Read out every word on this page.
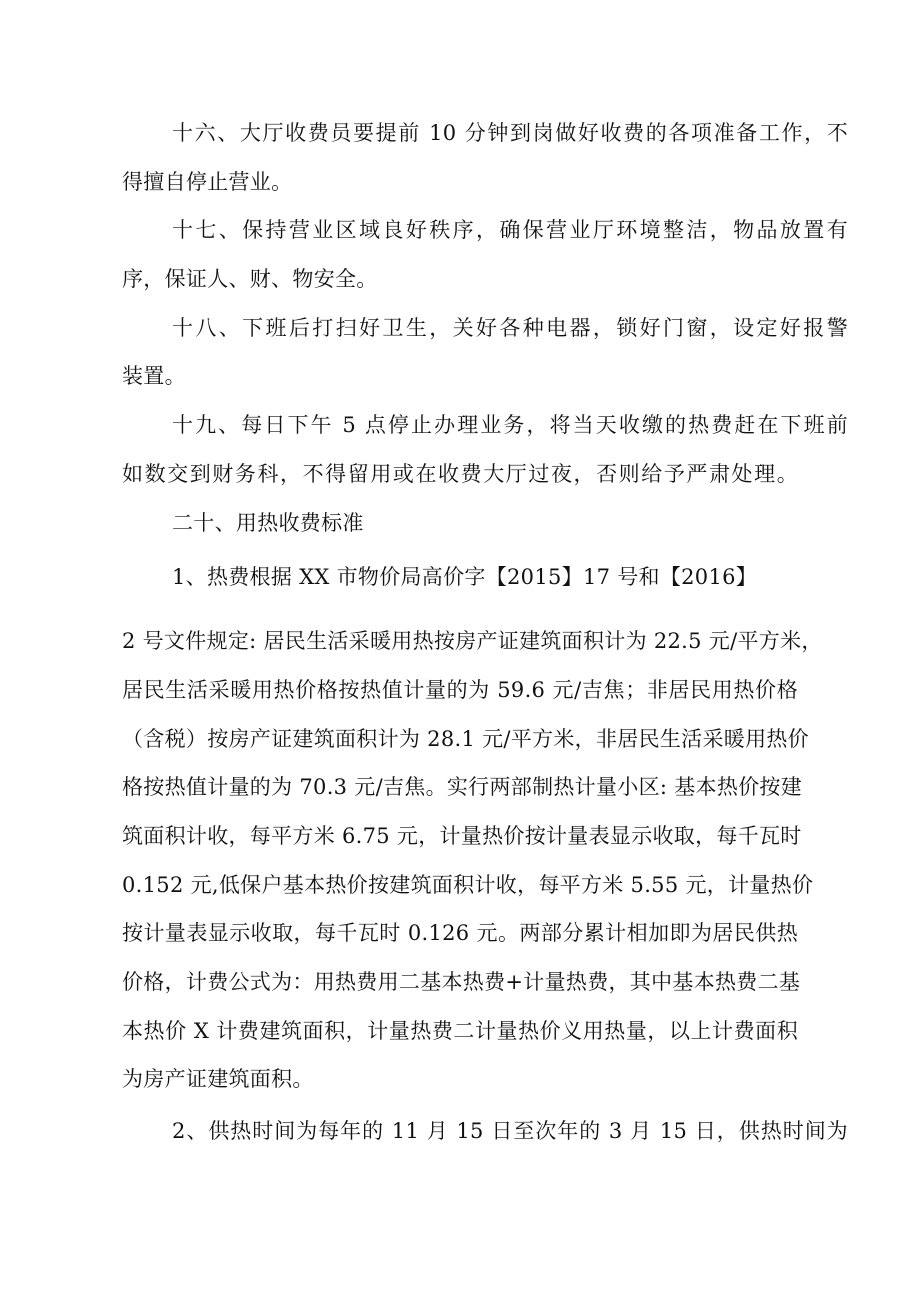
十六、大厅收费员要提前 10 分钟到岗做好收费的各项准备工作，不
得擅自停止营业。
十七、保持营业区域良好秩序，确保营业厅环境整洁，物品放置有
序，保证人、财、物安全。
十八、下班后打扫好卫生，关好各种电器，锁好门窗，设定好报警
装置。
十九、每日下午 5 点停止办理业务，将当天收缴的热费赶在下班前
如数交到财务科，不得留用或在收费大厅过夜，否则给予严肃处理。
二十、用热收费标准
1、热费根据 XX 市物价局高价字【2015】17 号和【2016】
2 号文件规定: 居民生活采暖用热按房产证建筑面积计为 22.5 元/平方米，
居民生活采暖用热价格按热值计量的为 59.6 元/吉焦；非居民用热价格
（含税）按房产证建筑面积计为 28.1 元/平方米，非居民生活采暖用热价
格按热值计量的为 70.3 元/吉焦。实行两部制热计量小区: 基本热价按建
筑面积计收，每平方米 6.75 元，计量热价按计量表显示收取，每千瓦时
0.152 元,低保户基本热价按建筑面积计收，每平方米 5.55 元，计量热价
按计量表显示收取，每千瓦时 0.126 元。两部分累计相加即为居民供热
价格，计费公式为：用热费用二基本热费+计量热费，其中基本热费二基
本热价 X 计费建筑面积，计量热费二计量热价义用热量，以上计费面积
为房产证建筑面积。
2、供热时间为每年的 11 月 15 日至次年的 3 月 15 日，供热时间为
